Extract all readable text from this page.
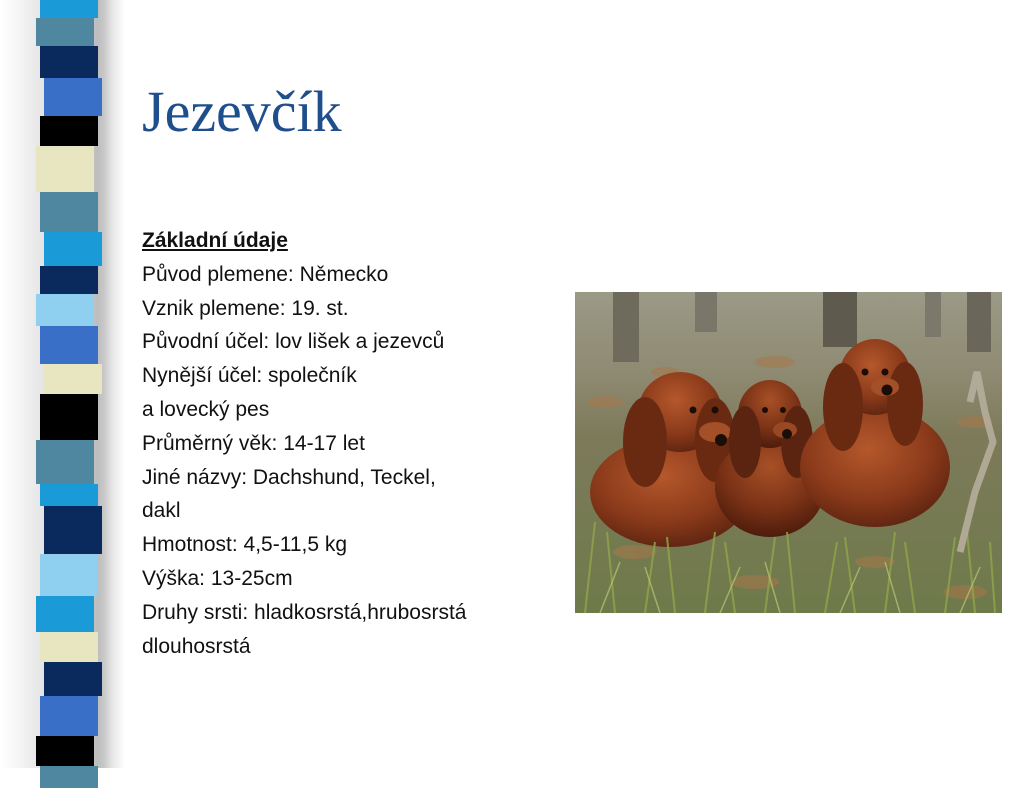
Jezevčík
Základní údaje
Původ plemene: Německo
Vznik plemene: 19. st.
Původní účel: lov lišek a jezevců
Nynější účel: společník
a lovecký pes
Průměrný věk: 14-17 let
Jiné názvy: Dachshund, Teckel,
dakl
Hmotnost: 4,5-11,5 kg
Výška: 13-25cm
Druhy srsti: hladkosrstá,hrubosrstá
dlouhosrstá
